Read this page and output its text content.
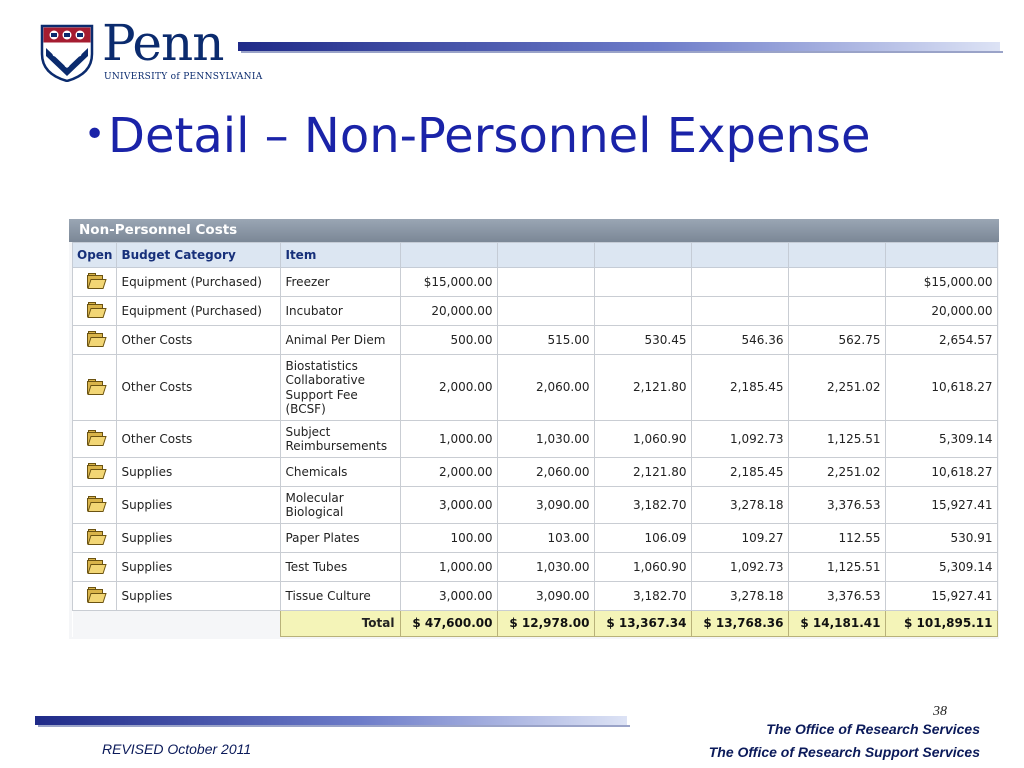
Penn
UNIVERSITY of PENNSYLVANIA
•Detail – Non-Personnel Expense
Non-Personnel Costs
Open	Budget Category	Item						

	Equipment (Purchased)	Freezer	$15,000.00					$15,000.00

	Equipment (Purchased)	Incubator	20,000.00					20,000.00

	Other Costs	Animal Per Diem	500.00	515.00	530.45	546.36	562.75	2,654.57

	Other Costs	Biostatistics Collaborative Support Fee (BCSF)	2,000.00	2,060.00	2,121.80	2,185.45	2,251.02	10,618.27

	Other Costs	Subject Reimbursements	1,000.00	1,030.00	1,060.90	1,092.73	1,125.51	5,309.14

	Supplies	Chemicals	2,000.00	2,060.00	2,121.80	2,185.45	2,251.02	10,618.27

	Supplies	Molecular Biological	3,000.00	3,090.00	3,182.70	3,278.18	3,376.53	15,927.41

	Supplies	Paper Plates	100.00	103.00	106.09	109.27	112.55	530.91

	Supplies	Test Tubes	1,000.00	1,030.00	1,060.90	1,092.73	1,125.51	5,309.14

	Supplies	Tissue Culture	3,000.00	3,090.00	3,182.70	3,278.18	3,376.53	15,927.41
		Total	$ 47,600.00	$ 12,978.00	$ 13,367.34	$ 13,768.36	$ 14,181.41	$ 101,895.11
38
The Office of Research Services
The Office of Research Support Services
REVISED October 2011
